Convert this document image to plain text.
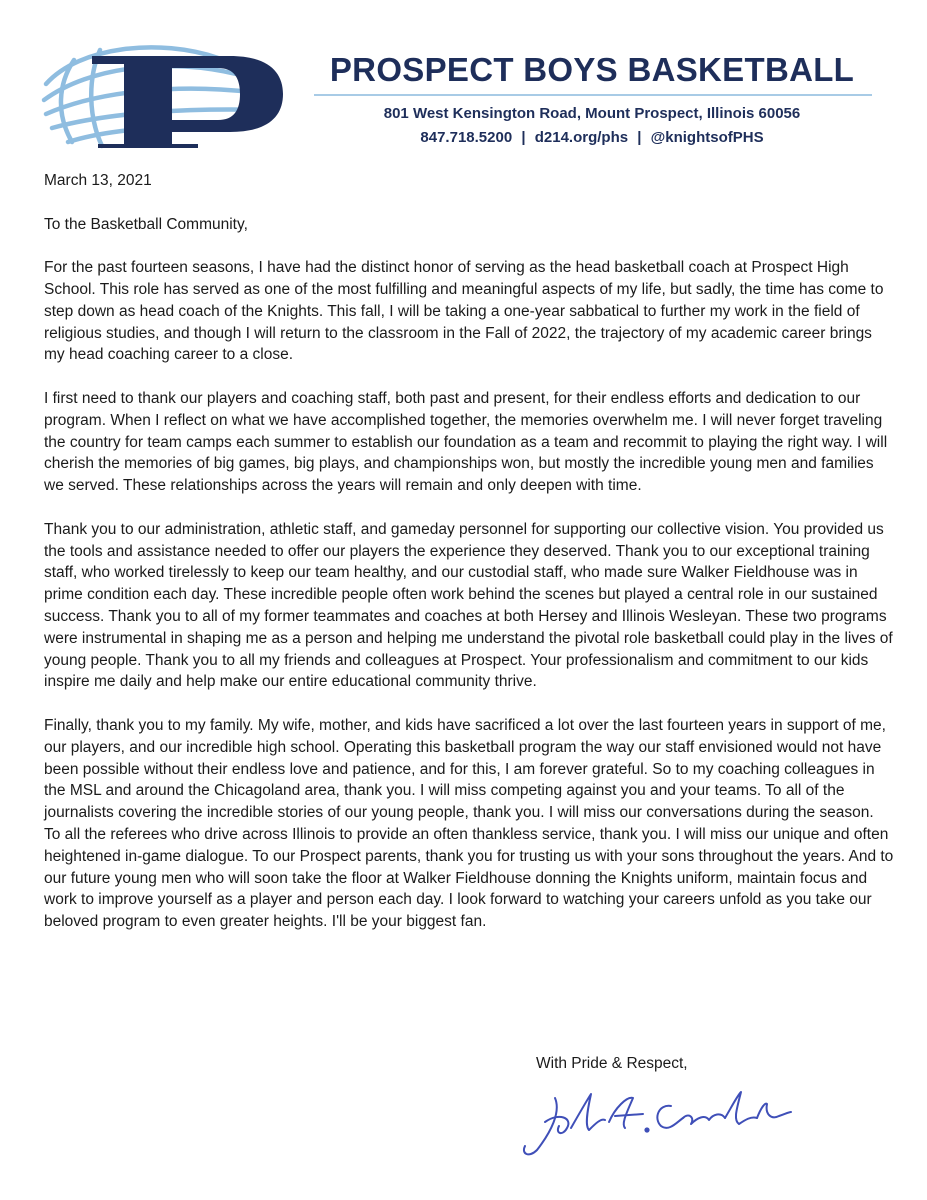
PROSPECT BOYS BASKETBALL
801 West Kensington Road, Mount Prospect, Illinois 60056
847.718.5200 | d214.org/phs | @knightsofPHS

March 13, 2021

To the Basketball Community,

For the past fourteen seasons, I have had the distinct honor of serving as the head basketball coach at Prospect High School. This role has served as one of the most fulfilling and meaningful aspects of my life, but sadly, the time has come to step down as head coach of the Knights. This fall, I will be taking a one-year sabbatical to further my work in the field of religious studies, and though I will return to the classroom in the Fall of 2022, the trajectory of my academic career brings my head coaching career to a close.

I first need to thank our players and coaching staff, both past and present, for their endless efforts and dedication to our program. When I reflect on what we have accomplished together, the memories overwhelm me. I will never forget traveling the country for team camps each summer to establish our foundation as a team and recommit to playing the right way. I will cherish the memories of big games, big plays, and championships won, but mostly the incredible young men and families we served. These relationships across the years will remain and only deepen with time.

Thank you to our administration, athletic staff, and gameday personnel for supporting our collective vision. You provided us the tools and assistance needed to offer our players the experience they deserved. Thank you to our exceptional training staff, who worked tirelessly to keep our team healthy, and our custodial staff, who made sure Walker Fieldhouse was in prime condition each day. These incredible people often work behind the scenes but played a central role in our sustained success. Thank you to all of my former teammates and coaches at both Hersey and Illinois Wesleyan. These two programs were instrumental in shaping me as a person and helping me understand the pivotal role basketball could play in the lives of young people. Thank you to all my friends and colleagues at Prospect. Your professionalism and commitment to our kids inspire me daily and help make our entire educational community thrive.

Finally, thank you to my family. My wife, mother, and kids have sacrificed a lot over the last fourteen years in support of me, our players, and our incredible high school. Operating this basketball program the way our staff envisioned would not have been possible without their endless love and patience, and for this, I am forever grateful. So to my coaching colleagues in the MSL and around the Chicagoland area, thank you. I will miss competing against you and your teams. To all of the journalists covering the incredible stories of our young people, thank you. I will miss our conversations during the season. To all the referees who drive across Illinois to provide an often thankless service, thank you. I will miss our unique and often heightened in-game dialogue. To our Prospect parents, thank you for trusting us with your sons throughout the years. And to our future young men who will soon take the floor at Walker Fieldhouse donning the Knights uniform, maintain focus and work to improve yourself as a player and person each day. I look forward to watching your careers unfold as you take our beloved program to even greater heights. I'll be your biggest fan.

With Pride & Respect,
